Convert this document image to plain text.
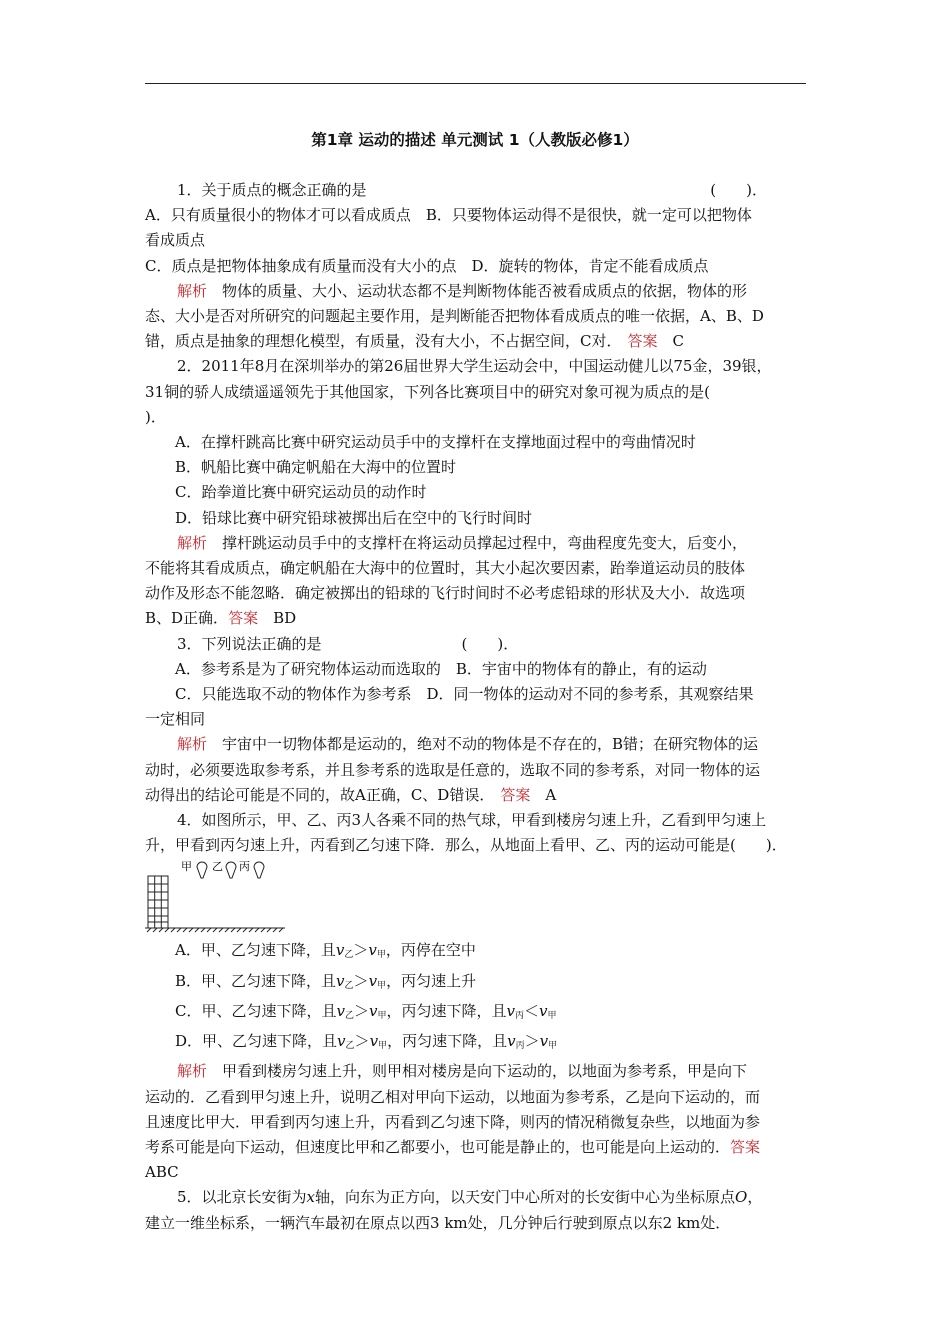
第1章 运动的描述 单元测试 1（人教版必修1）

1．关于质点的概念正确的是	(　　)．

A．只有质量很小的物体才可以看成质点　B．只要物体运动得不是很快，就一定可以把物体

看成质点

C．质点是把物体抽象成有质量而没有大小的点　D．旋转的物体，肯定不能看成质点

解析　物体的质量、大小、运动状态都不是判断物体能否被看成质点的依据，物体的形

态、大小是否对所研究的问题起主要作用，是判断能否把物体看成质点的唯一依据，A、B、D

错，质点是抽象的理想化模型，有质量，没有大小，不占据空间，C对． 答案　C

2．2011年8月在深圳举办的第26届世界大学生运动会中，中国运动健儿以75金，39银，

31铜的骄人成绩遥遥领先于其他国家，下列各比赛项目中的研究对象可视为质点的是(

)．

A．在撑杆跳高比赛中研究运动员手中的支撑杆在支撑地面过程中的弯曲情况时

B．帆船比赛中确定帆船在大海中的位置时

C．跆拳道比赛中研究运动员的动作时

D．铅球比赛中研究铅球被掷出后在空中的飞行时间时

解析　撑杆跳运动员手中的支撑杆在将运动员撑起过程中，弯曲程度先变大，后变小，

不能将其看成质点，确定帆船在大海中的位置时，其大小起次要因素，跆拳道运动员的肢体

动作及形态不能忽略．确定被掷出的铅球的飞行时间时不必考虑铅球的形状及大小．故选项

B、D正确．答案　BD

3．下列说法正确的是	(　　)．

A．参考系是为了研究物体运动而选取的　B．宇宙中的物体有的静止，有的运动

C．只能选取不动的物体作为参考系　D．同一物体的运动对不同的参考系，其观察结果

一定相同

解析　宇宙中一切物体都是运动的，绝对不动的物体是不存在的，B错；在研究物体的运

动时，必须要选取参考系，并且参考系的选取是任意的，选取不同的参考系，对同一物体的运

动得出的结论可能是不同的，故A正确，C、D错误． 答案　A

4．如图所示，甲、乙、丙3人各乘不同的热气球，甲看到楼房匀速上升，乙看到甲匀速上

升，甲看到丙匀速上升，丙看到乙匀速下降．那么，从地面上看甲、乙、丙的运动可能是(　　)．

甲 乙 丙

A．甲、乙匀速下降，且$v_乙>v_甲$，丙停在空中

B．甲、乙匀速下降，且$v_乙>v_甲$，丙匀速上升

C．甲、乙匀速下降，且$v_乙>v_甲$，丙匀速下降，且$v_丙<v_甲$

D．甲、乙匀速下降，且$v_乙>v_甲$，丙匀速下降，且$v_丙>v_甲$

解析　甲看到楼房匀速上升，则甲相对楼房是向下运动的，以地面为参考系，甲是向下

运动的．乙看到甲匀速上升，说明乙相对甲向下运动，以地面为参考系，乙是向下运动的，而

且速度比甲大．甲看到丙匀速上升，丙看到乙匀速下降，则丙的情况稍微复杂些，以地面为参

考系可能是向下运动，但速度比甲和乙都要小，也可能是静止的，也可能是向上运动的．答案

ABC

5．以北京长安街为x轴，向东为正方向，以天安门中心所对的长安街中心为坐标原点O，

建立一维坐标系，一辆汽车最初在原点以西3 km处，几分钟后行驶到原点以东2 km处．
